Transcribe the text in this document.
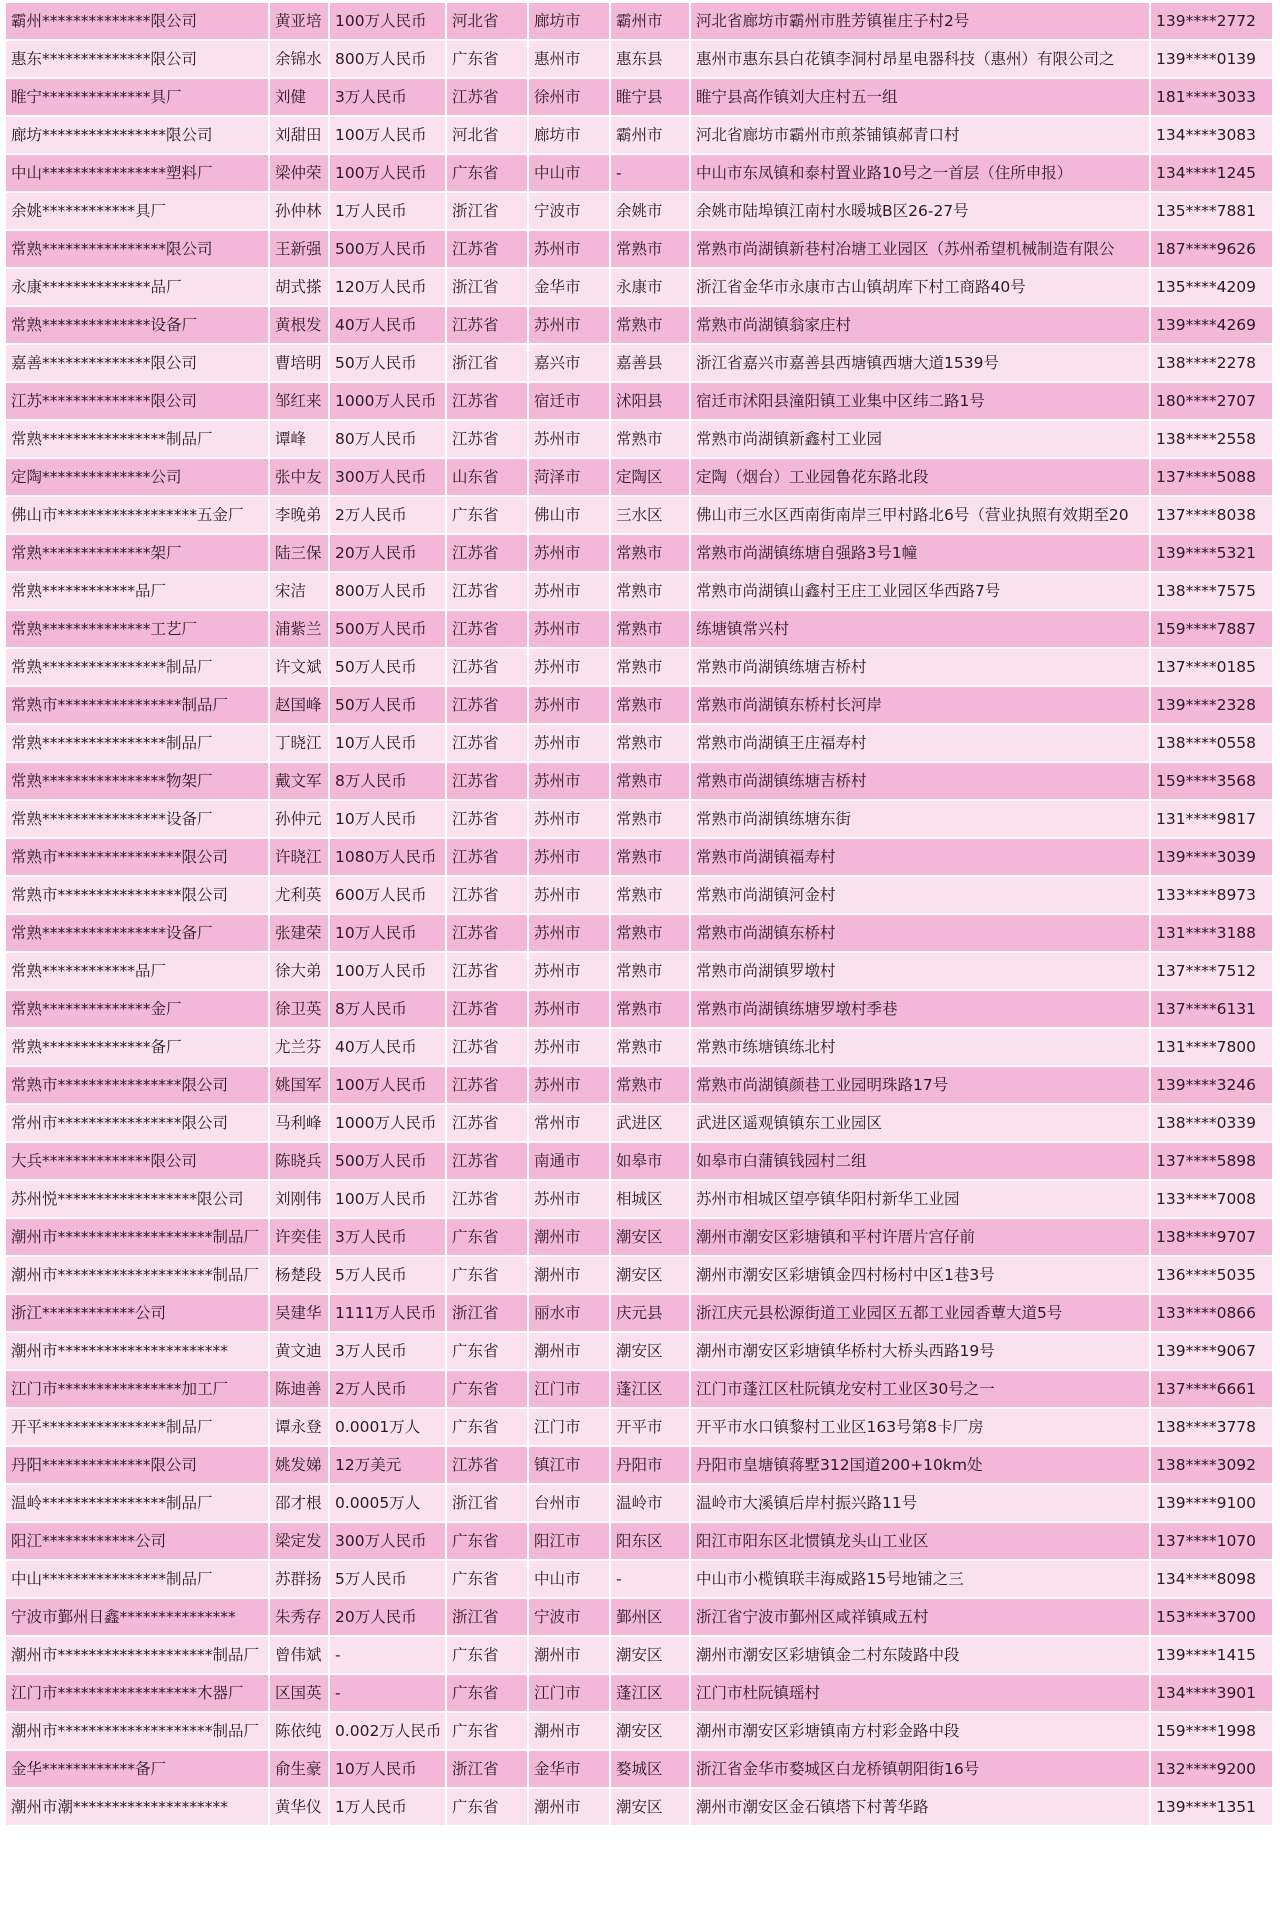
霸州**************限公司	黄亚培	100万人民币	河北省	廊坊市	霸州市	河北省廊坊市霸州市胜芳镇崔庄子村2号	139****2772
惠东**************限公司	余锦水	800万人民币	广东省	惠州市	惠东县	惠州市惠东县白花镇李洞村昂星电器科技（惠州）有限公司之	139****0139
睢宁**************具厂	刘健	3万人民币	江苏省	徐州市	睢宁县	睢宁县高作镇刘大庄村五一组	181****3033
廊坊****************限公司	刘甜田	100万人民币	河北省	廊坊市	霸州市	河北省廊坊市霸州市煎茶铺镇郝青口村	134****3083
中山****************塑料厂	梁仲荣	100万人民币	广东省	中山市	-	中山市东凤镇和泰村置业路10号之一首层（住所申报）	134****1245
余姚************具厂	孙仲林	1万人民币	浙江省	宁波市	余姚市	余姚市陆埠镇江南村水暖城B区26-27号	135****7881
常熟****************限公司	王新强	500万人民币	江苏省	苏州市	常熟市	常熟市尚湖镇新巷村冶塘工业园区（苏州希望机械制造有限公	187****9626
永康**************品厂	胡式搽	120万人民币	浙江省	金华市	永康市	浙江省金华市永康市古山镇胡库下村工商路40号	135****4209
常熟**************设备厂	黄根发	40万人民币	江苏省	苏州市	常熟市	常熟市尚湖镇翁家庄村	139****4269
嘉善**************限公司	曹培明	50万人民币	浙江省	嘉兴市	嘉善县	浙江省嘉兴市嘉善县西塘镇西塘大道1539号	138****2278
江苏**************限公司	邹红来	1000万人民币	江苏省	宿迁市	沭阳县	宿迁市沭阳县潼阳镇工业集中区纬二路1号	180****2707
常熟****************制品厂	谭峰	80万人民币	江苏省	苏州市	常熟市	常熟市尚湖镇新鑫村工业园	138****2558
定陶**************公司	张中友	300万人民币	山东省	菏泽市	定陶区	定陶（烟台）工业园鲁花东路北段	137****5088
佛山市******************五金厂	李晚弟	2万人民币	广东省	佛山市	三水区	佛山市三水区西南街南岸三甲村路北6号（营业执照有效期至20	137****8038
常熟**************架厂	陆三保	20万人民币	江苏省	苏州市	常熟市	常熟市尚湖镇练塘自强路3号1幢	139****5321
常熟************品厂	宋洁	800万人民币	江苏省	苏州市	常熟市	常熟市尚湖镇山鑫村王庄工业园区华西路7号	138****7575
常熟**************工艺厂	浦紫兰	500万人民币	江苏省	苏州市	常熟市	练塘镇常兴村	159****7887
常熟****************制品厂	许文斌	50万人民币	江苏省	苏州市	常熟市	常熟市尚湖镇练塘吉桥村	137****0185
常熟市****************制品厂	赵国峰	50万人民币	江苏省	苏州市	常熟市	常熟市尚湖镇东桥村长河岸	139****2328
常熟****************制品厂	丁晓江	10万人民币	江苏省	苏州市	常熟市	常熟市尚湖镇王庄福寿村	138****0558
常熟****************物架厂	戴文军	8万人民币	江苏省	苏州市	常熟市	常熟市尚湖镇练塘吉桥村	159****3568
常熟****************设备厂	孙仲元	10万人民币	江苏省	苏州市	常熟市	常熟市尚湖镇练塘东街	131****9817
常熟市****************限公司	许晓江	1080万人民币	江苏省	苏州市	常熟市	常熟市尚湖镇福寿村	139****3039
常熟市****************限公司	尤利英	600万人民币	江苏省	苏州市	常熟市	常熟市尚湖镇河金村	133****8973
常熟****************设备厂	张建荣	10万人民币	江苏省	苏州市	常熟市	常熟市尚湖镇东桥村	131****3188
常熟************品厂	徐大弟	100万人民币	江苏省	苏州市	常熟市	常熟市尚湖镇罗墩村	137****7512
常熟**************金厂	徐卫英	8万人民币	江苏省	苏州市	常熟市	常熟市尚湖镇练塘罗墩村季巷	137****6131
常熟**************备厂	尤兰芬	40万人民币	江苏省	苏州市	常熟市	常熟市练塘镇练北村	131****7800
常熟市****************限公司	姚国军	100万人民币	江苏省	苏州市	常熟市	常熟市尚湖镇颜巷工业园明珠路17号	139****3246
常州市****************限公司	马利峰	1000万人民币	江苏省	常州市	武进区	武进区遥观镇镇东工业园区	138****0339
大兵**************限公司	陈晓兵	500万人民币	江苏省	南通市	如皋市	如皋市白蒲镇钱园村二组	137****5898
苏州悦******************限公司	刘刚伟	100万人民币	江苏省	苏州市	相城区	苏州市相城区望亭镇华阳村新华工业园	133****7008
潮州市********************制品厂	许奕佳	3万人民币	广东省	潮州市	潮安区	潮州市潮安区彩塘镇和平村许厝片宫仔前	138****9707
潮州市********************制品厂	杨楚段	5万人民币	广东省	潮州市	潮安区	潮州市潮安区彩塘镇金四村杨村中区1巷3号	136****5035
浙江************公司	吴建华	1111万人民币	浙江省	丽水市	庆元县	浙江庆元县松源街道工业园区五都工业园香蕈大道5号	133****0866
潮州市**********************	黄文迪	3万人民币	广东省	潮州市	潮安区	潮州市潮安区彩塘镇华桥村大桥头西路19号	139****9067
江门市****************加工厂	陈迪善	2万人民币	广东省	江门市	蓬江区	江门市蓬江区杜阮镇龙安村工业区30号之一	137****6661
开平****************制品厂	谭永登	0.0001万人	广东省	江门市	开平市	开平市水口镇黎村工业区163号第8卡厂房	138****3778
丹阳**************限公司	姚发娣	12万美元	江苏省	镇江市	丹阳市	丹阳市皇塘镇蒋墅312国道200+10km处	138****3092
温岭****************制品厂	邵才根	0.0005万人	浙江省	台州市	温岭市	温岭市大溪镇后岸村振兴路11号	139****9100
阳江************公司	梁定发	300万人民币	广东省	阳江市	阳东区	阳江市阳东区北惯镇龙头山工业区	137****1070
中山****************制品厂	苏群扬	5万人民币	广东省	中山市	-	中山市小榄镇联丰海威路15号地铺之三	134****8098
宁波市鄞州日鑫***************	朱秀存	20万人民币	浙江省	宁波市	鄞州区	浙江省宁波市鄞州区咸祥镇咸五村	153****3700
潮州市********************制品厂	曾伟斌	-	广东省	潮州市	潮安区	潮州市潮安区彩塘镇金二村东陵路中段	139****1415
江门市******************木器厂	区国英	-	广东省	江门市	蓬江区	江门市杜阮镇瑶村	134****3901
潮州市********************制品厂	陈依纯	0.002万人民币	广东省	潮州市	潮安区	潮州市潮安区彩塘镇南方村彩金路中段	159****1998
金华************备厂	俞生豪	10万人民币	浙江省	金华市	婺城区	浙江省金华市婺城区白龙桥镇朝阳街16号	132****9200
潮州市潮********************	黄华仪	1万人民币	广东省	潮州市	潮安区	潮州市潮安区金石镇塔下村菁华路	139****1351
